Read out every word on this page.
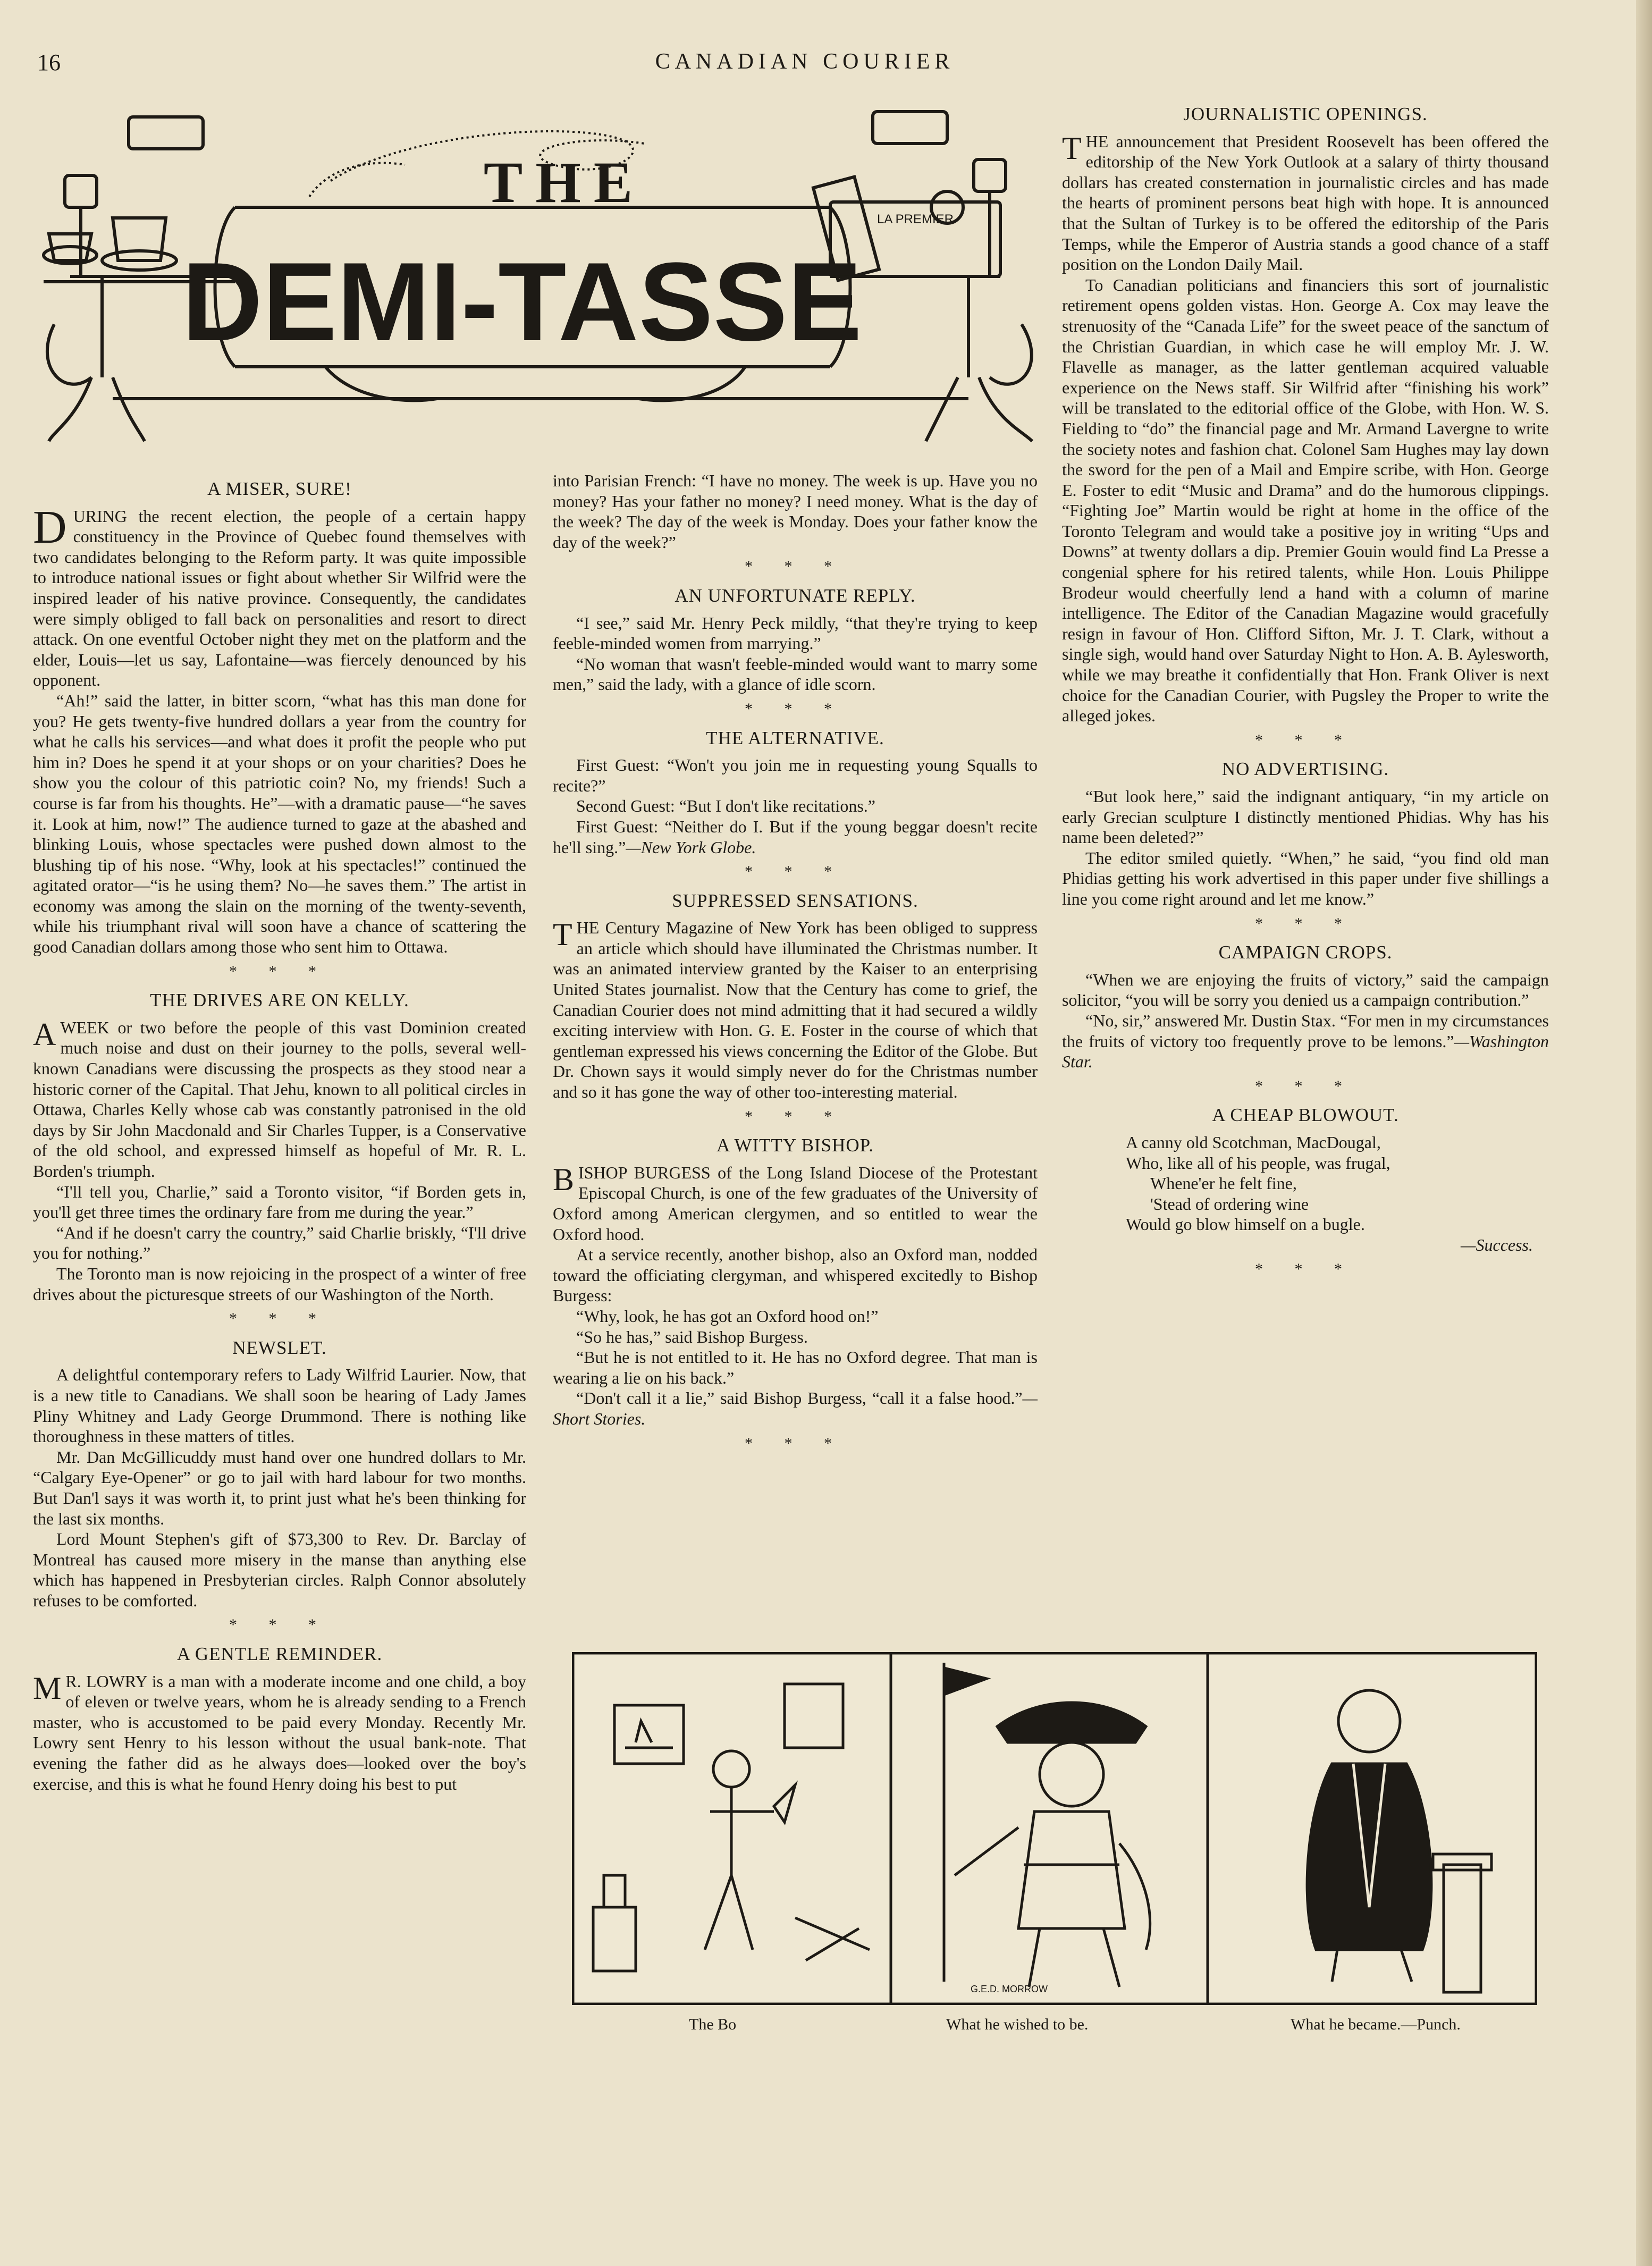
16	CANADIAN COURIER
THE
DEMI-TASSE
LA PREMIER
A MISER, SURE!

DURING the recent election, the people of a certain happy constituency in the Province of Quebec found themselves with two candidates belonging to the Reform party. It was quite impossible to introduce national issues or fight about whether Sir Wilfrid were the inspired leader of his native province. Consequently, the candidates were simply obliged to fall back on personalities and resort to direct attack. On one eventful October night they met on the platform and the elder, Louis—let us say, Lafontaine—was fiercely denounced by his opponent.

“Ah!” said the latter, in bitter scorn, “what has this man done for you? He gets twenty-five hundred dollars a year from the country for what he calls his services—and what does it profit the people who put him in? Does he spend it at your shops or on your charities? Does he show you the colour of this patriotic coin? No, my friends! Such a course is far from his thoughts. He”—with a dramatic pause—“he saves it. Look at him, now!” The audience turned to gaze at the abashed and blinking Louis, whose spectacles were pushed down almost to the blushing tip of his nose. “Why, look at his spectacles!” continued the agitated orator—“is he using them? No—he saves them.” The artist in economy was among the slain on the morning of the twenty-seventh, while his triumphant rival will soon have a chance of scattering the good Canadian dollars among those who sent him to Ottawa.

* * *
THE DRIVES ARE ON KELLY.

AWEEK or two before the people of this vast Dominion created much noise and dust on their journey to the polls, several well-known Canadians were discussing the prospects as they stood near a historic corner of the Capital. That Jehu, known to all political circles in Ottawa, Charles Kelly whose cab was constantly patronised in the old days by Sir John Macdonald and Sir Charles Tupper, is a Conservative of the old school, and expressed himself as hopeful of Mr. R. L. Borden's triumph.

“I'll tell you, Charlie,” said a Toronto visitor, “if Borden gets in, you'll get three times the ordinary fare from me during the year.”

“And if he doesn't carry the country,” said Charlie briskly, “I'll drive you for nothing.”

The Toronto man is now rejoicing in the prospect of a winter of free drives about the picturesque streets of our Washington of the North.

* * *
NEWSLET.

A delightful contemporary refers to Lady Wilfrid Laurier. Now, that is a new title to Canadians. We shall soon be hearing of Lady James Pliny Whitney and Lady George Drummond. There is nothing like thoroughness in these matters of titles.

Mr. Dan McGillicuddy must hand over one hundred dollars to Mr. “Calgary Eye-Opener” or go to jail with hard labour for two months. But Dan'l says it was worth it, to print just what he's been thinking for the last six months.

Lord Mount Stephen's gift of $73,300 to Rev. Dr. Barclay of Montreal has caused more misery in the manse than anything else which has happened in Presbyterian circles. Ralph Connor absolutely refuses to be comforted.

* * *
A GENTLE REMINDER.

M R. LOWRY is a man with a moderate income and one child, a boy of eleven or twelve years, whom he is already sending to a French master, who is accustomed to be paid every Monday. Recently Mr. Lowry sent Henry to his lesson without the usual bank-note. That evening the father did as he always does—looked over the boy's exercise, and this is what he found Henry doing his best to put

into Parisian French: “I have no money. The week is up. Have you no money? Has your father no money? I need money. What is the day of the week? The day of the week is Monday. Does your father know the day of the week?”

* * *
AN UNFORTUNATE REPLY.

“I see,” said Mr. Henry Peck mildly, “that they're trying to keep feeble-minded women from marrying.”

“No woman that wasn't feeble-minded would want to marry some men,” said the lady, with a glance of idle scorn.

* * *
THE ALTERNATIVE.

First Guest: “Won't you join me in requesting young Squalls to recite?”

Second Guest: “But I don't like recitations.”

First Guest: “Neither do I. But if the young beggar doesn't recite he'll sing.”—New York Globe.

* * *
SUPPRESSED SENSATIONS.

THE Century Magazine of New York has been obliged to suppress an article which should have illuminated the Christmas number. It was an animated interview granted by the Kaiser to an enterprising United States journalist. Now that the Century has come to grief, the Canadian Courier does not mind admitting that it had secured a wildly exciting interview with Hon. G. E. Foster in the course of which that gentleman expressed his views concerning the Editor of the Globe. But Dr. Chown says it would simply never do for the Christmas number and so it has gone the way of other too-interesting material.

* * *
A WITTY BISHOP.

BISHOP BURGESS of the Long Island Diocese of the Protestant Episcopal Church, is one of the few graduates of the University of Oxford among American clergymen, and so entitled to wear the Oxford hood.

At a service recently, another bishop, also an Oxford man, nodded toward the officiating clergyman, and whispered excitedly to Bishop Burgess:

“Why, look, he has got an Oxford hood on!”

“So he has,” said Bishop Burgess.

“But he is not entitled to it. He has no Oxford degree. That man is wearing a lie on his back.”

“Don't call it a lie,” said Bishop Burgess, “call it a false hood.”—Short Stories.

* * *
JOURNALISTIC OPENINGS.

THE announcement that President Roosevelt has been offered the editorship of the New York Outlook at a salary of thirty thousand dollars has created consternation in journalistic circles and has made the hearts of prominent persons beat high with hope. It is announced that the Sultan of Turkey is to be offered the editorship of the Paris Temps, while the Emperor of Austria stands a good chance of a staff position on the London Daily Mail.

To Canadian politicians and financiers this sort of journalistic retirement opens golden vistas. Hon. George A. Cox may leave the strenuosity of the “Canada Life” for the sweet peace of the sanctum of the Christian Guardian, in which case he will employ Mr. J. W. Flavelle as manager, as the latter gentleman acquired valuable experience on the News staff. Sir Wilfrid after “finishing his work” will be translated to the editorial office of the Globe, with Hon. W. S. Fielding to “do” the financial page and Mr. Armand Lavergne to write the society notes and fashion chat. Colonel Sam Hughes may lay down the sword for the pen of a Mail and Empire scribe, with Hon. George E. Foster to edit “Music and Drama” and do the humorous clippings. “Fighting Joe” Martin would be right at home in the office of the Toronto Telegram and would take a positive joy in writing “Ups and Downs” at twenty dollars a dip. Premier Gouin would find La Presse a congenial sphere for his retired talents, while Hon. Louis Philippe Brodeur would cheerfully lend a hand with a column of marine intelligence. The Editor of the Canadian Magazine would gracefully resign in favour of Hon. Clifford Sifton, Mr. J. T. Clark, without a single sigh, would hand over Saturday Night to Hon. A. B. Aylesworth, while we may breathe it confidentially that Hon. Frank Oliver is next choice for the Canadian Courier, with Pugsley the Proper to write the alleged jokes.

* * *
NO ADVERTISING.

“But look here,” said the indignant antiquary, “in my article on early Grecian sculpture I distinctly mentioned Phidias. Why has his name been deleted?”

The editor smiled quietly. “When,” he said, “you find old man Phidias getting his work advertised in this paper under five shillings a line you come right around and let me know.”

* * *
CAMPAIGN CROPS.

“When we are enjoying the fruits of victory,” said the campaign solicitor, “you will be sorry you denied us a campaign contribution.”

“No, sir,” answered Mr. Dustin Stax. “For men in my circumstances the fruits of victory too frequently prove to be lemons.”—Washington Star.

* * *
A CHEAP BLOWOUT.
A canny old Scotchman, MacDougal,
Who, like all of his people, was frugal,
Whene'er he felt fine,
'Stead of ordering wine
Would go blow himself on a bugle.
—Success.
* * *
G.E.D. MORROW
The Bo	What he wished to be.	What he became.—Punch.
